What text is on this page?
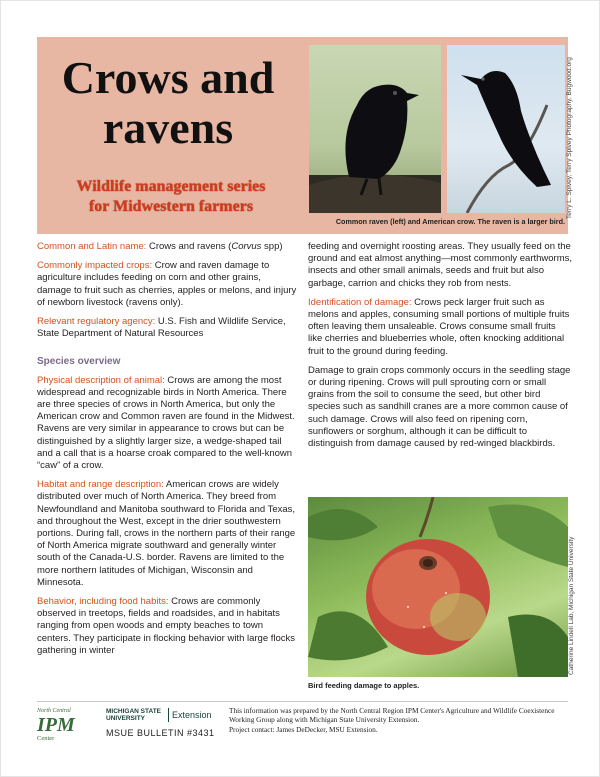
Crows and
ravens
Wildlife management series
for Midwestern farmers
Common raven (left) and American crow. The raven is a larger bird.
Terry L. Spivey, Terry Spivey Photography, Bugwood.org

Common and Latin name: Crows and ravens (Corvus spp)

Commonly impacted crops: Crow and raven damage to agriculture includes feeding on corn and other grains, damage to fruit such as cherries, apples or melons, and injury of newborn livestock (ravens only).

Relevant regulatory agency: U.S. Fish and Wildlife Service, State Department of Natural Resources

Species overview

Physical description of animal: Crows are among the most widespread and recognizable birds in North America. There are three species of crows in North America, but only the American crow and Common raven are found in the Midwest. Ravens are very similar in appearance to crows but can be distinguished by a slightly larger size, a wedge-shaped tail and a call that is a hoarse croak compared to the well-known “caw” of a crow.

Habitat and range description: American crows are widely distributed over much of North America. They breed from Newfoundland and Manitoba southward to Florida and Texas, and throughout the West, except in the drier southwestern portions. During fall, crows in the northern parts of their range of North America migrate southward and generally winter south of the Canada-U.S. border. Ravens are limited to the more northern latitudes of Michigan, Wisconsin and Minnesota.

Behavior, including food habits: Crows are commonly observed in treetops, fields and roadsides, and in habitats ranging from open woods and empty beaches to town centers. They participate in flocking behavior with large flocks gathering in winter

feeding and overnight roosting areas. They usually feed on the ground and eat almost anything—most commonly earthworms, insects and other small animals, seeds and fruit but also garbage, carrion and chicks they rob from nests.

Identification of damage: Crows peck larger fruit such as melons and apples, consuming small portions of multiple fruits often leaving them unsaleable. Crows consume small fruits like cherries and blueberries whole, often knocking additional fruit to the ground during feeding.

Damage to grain crops commonly occurs in the seedling stage or during ripening. Crows will pull sprouting corn or small grains from the soil to consume the seed, but other bird species such as sandhill cranes are a more common cause of such damage. Crows will also feed on ripening corn, sunflowers or sorghum, although it can be difficult to distinguish from damage caused by red-winged blackbirds.

Catherine Lindell Lab, Michigan State University
Bird feeding damage to apples.
North Central
IPM
Center
MICHIGAN STATE
UNIVERSITY	Extension
MSUE BULLETIN #3431
This information was prepared by the North Central Region IPM Center's Agriculture and Wildlife Coexistence Working Group along with Michigan State University Extension.
Project contact: James DeDecker, MSU Extension.
